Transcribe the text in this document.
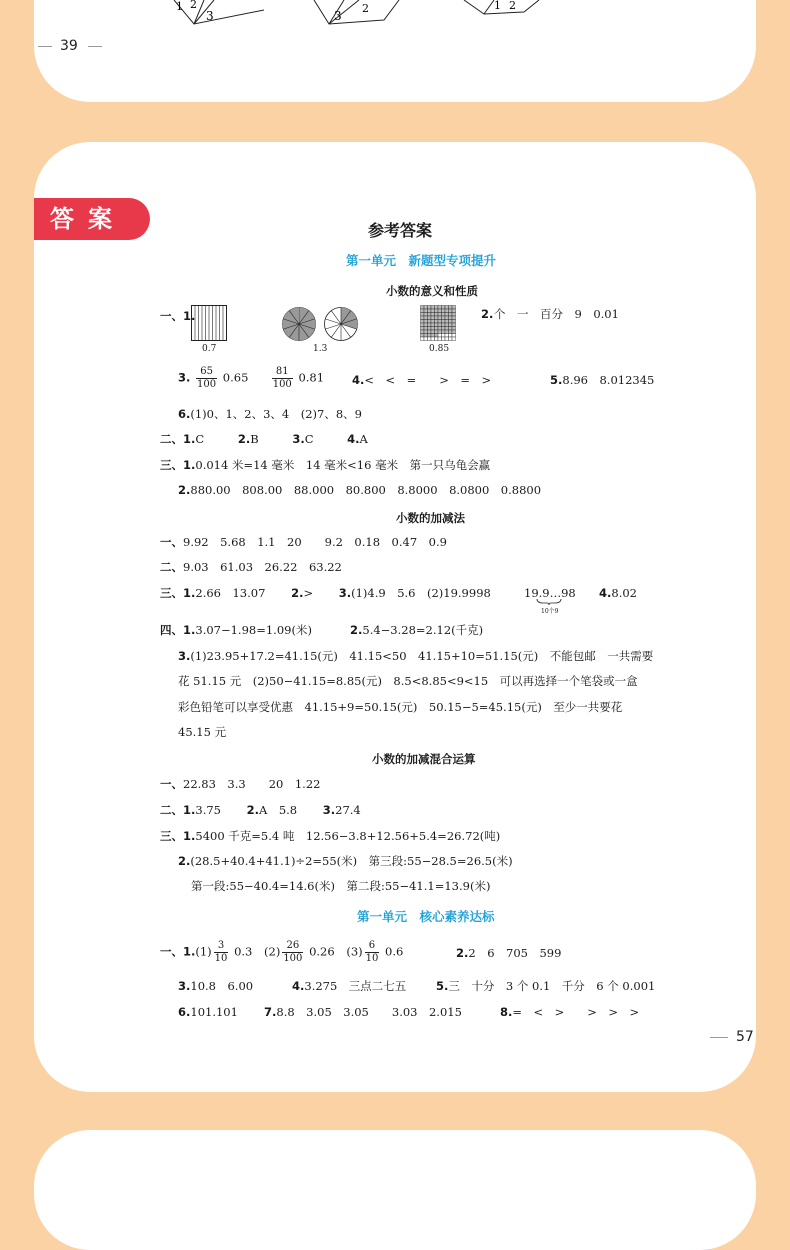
1 2
3	3
2	1 2
39
答案	参考答案
第一单元　新题型专项提升
小数的意义和性质
一、1.
0.7	1.3	0.85
2. 个　一　百分　9　0.01
3. $\frac{65}{100} 0.65 \frac{81}{100} 0.81$ 4.<　<　=　　>　=　>	5.8.96　8.012345
6.(1)0、1、2、3、4　(2)7、8、9
二、1.C	2.B	3.C	4.A
三、1.0.014 米=14 毫米　14 毫米<16 毫米　第一只乌龟会赢
2.880.00　808.00　88.000　80.800　8.8000　8.0800　0.8800
小数的加减法
一、9.92　5.68　1.1　20　　9.2　0.18　0.47　0.9
二、9.03　61.03　26.22　63.22
三、1.2.66　13.07 2.> 3.(1)4.9　5.6　(2)19.9998	19.9…98
10个9
4.8.02
四、1.3.07−1.98=1.09(米)	2.5.4−3.28=2.12(千克)
3.(1)23.95+17.2=41.15(元)　41.15<50　41.15+10=51.15(元)　不能包邮　一共需要
花 51.15 元　(2)50−41.15=8.85(元)　8.5<8.85<9<15　可以再选择一个笔袋或一盒
彩色铅笔可以享受优惠　41.15+9=50.15(元)　50.15−5=45.15(元)　至少一共要花
45.15 元
小数的加减混合运算
一、22.83　3.3　　20　1.22
二、1.3.75 2.A　5.8 3.27.4
三、1.5400 千克=5.4 吨　12.56−3.8+12.56+5.4=26.72(吨)
2.(28.5+40.4+41.1)÷2=55(米)　第三段:55−28.5=26.5(米)
第一段:55−40.4=14.6(米)　第二段:55−41.1=13.9(米)
第一单元　核心素养达标
一、$1.(1) \frac{3}{10} 0.3$ $(2) \frac{26}{100} 0.26$ $(3) \frac{6}{10} 0.6$	2.2　6　705　599
3.10.8　6.00	4.3.275　三点二七五	5.三　十分　3 个 0.1　千分　6 个 0.001
6.101.101 7.8.8　3.05　3.05　　3.03　2.015	8.=　<　>　　>　>　>
57
